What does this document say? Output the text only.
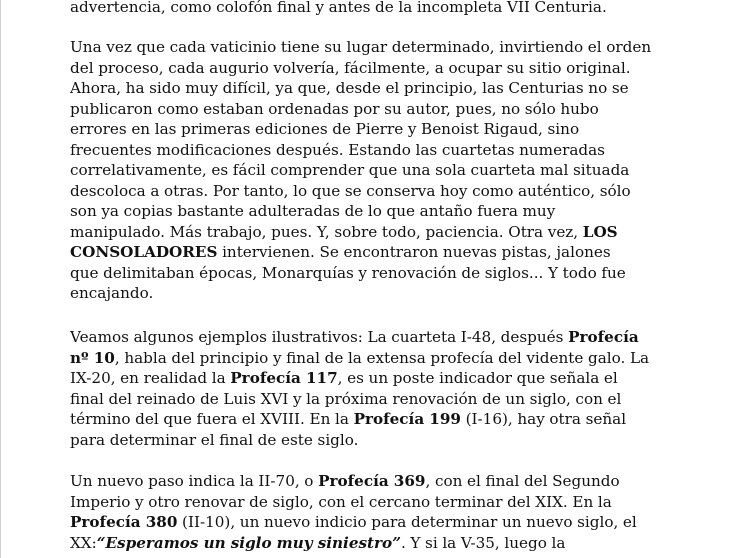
advertencia, como colofón final y antes de la incompleta VII Centuria.

Una vez que cada vaticinio tiene su lugar determinado, invirtiendo el orden
del proceso, cada augurio volvería, fácilmente, a ocupar su sitio original.
Ahora, ha sido muy difícil, ya que, desde el principio, las Centurias no se
publicaron como estaban ordenadas por su autor, pues, no sólo hubo
errores en las primeras ediciones de Pierre y Benoist Rigaud, sino
frecuentes modificaciones después. Estando las cuartetas numeradas
correlativamente, es fácil comprender que una sola cuarteta mal situada
descoloca a otras. Por tanto, lo que se conserva hoy como auténtico, sólo
son ya copias bastante adulteradas de lo que antaño fuera muy
manipulado. Más trabajo, pues. Y, sobre todo, paciencia. Otra vez, LOS
CONSOLADORES intervienen. Se encontraron nuevas pistas, jalones
que delimitaban épocas, Monarquías y renovación de siglos... Y todo fue
encajando.

Veamos algunos ejemplos ilustrativos: La cuarteta I-48, después Profecía
nº 10, habla del principio y final de la extensa profecía del vidente galo. La
IX-20, en realidad la Profecía 117, es un poste indicador que señala el
final del reinado de Luis XVI y la próxima renovación de un siglo, con el
término del que fuera el XVIII. En la Profecía 199 (I-16), hay otra señal
para determinar el final de este siglo.

Un nuevo paso indica la II-70, o Profecía 369, con el final del Segundo
Imperio y otro renovar de siglo, con el cercano terminar del XIX. En la
Profecía 380 (II-10), un nuevo indicio para determinar un nuevo siglo, el
XX:“Esperamos un siglo muy siniestro”. Y si la V-35, luego la
